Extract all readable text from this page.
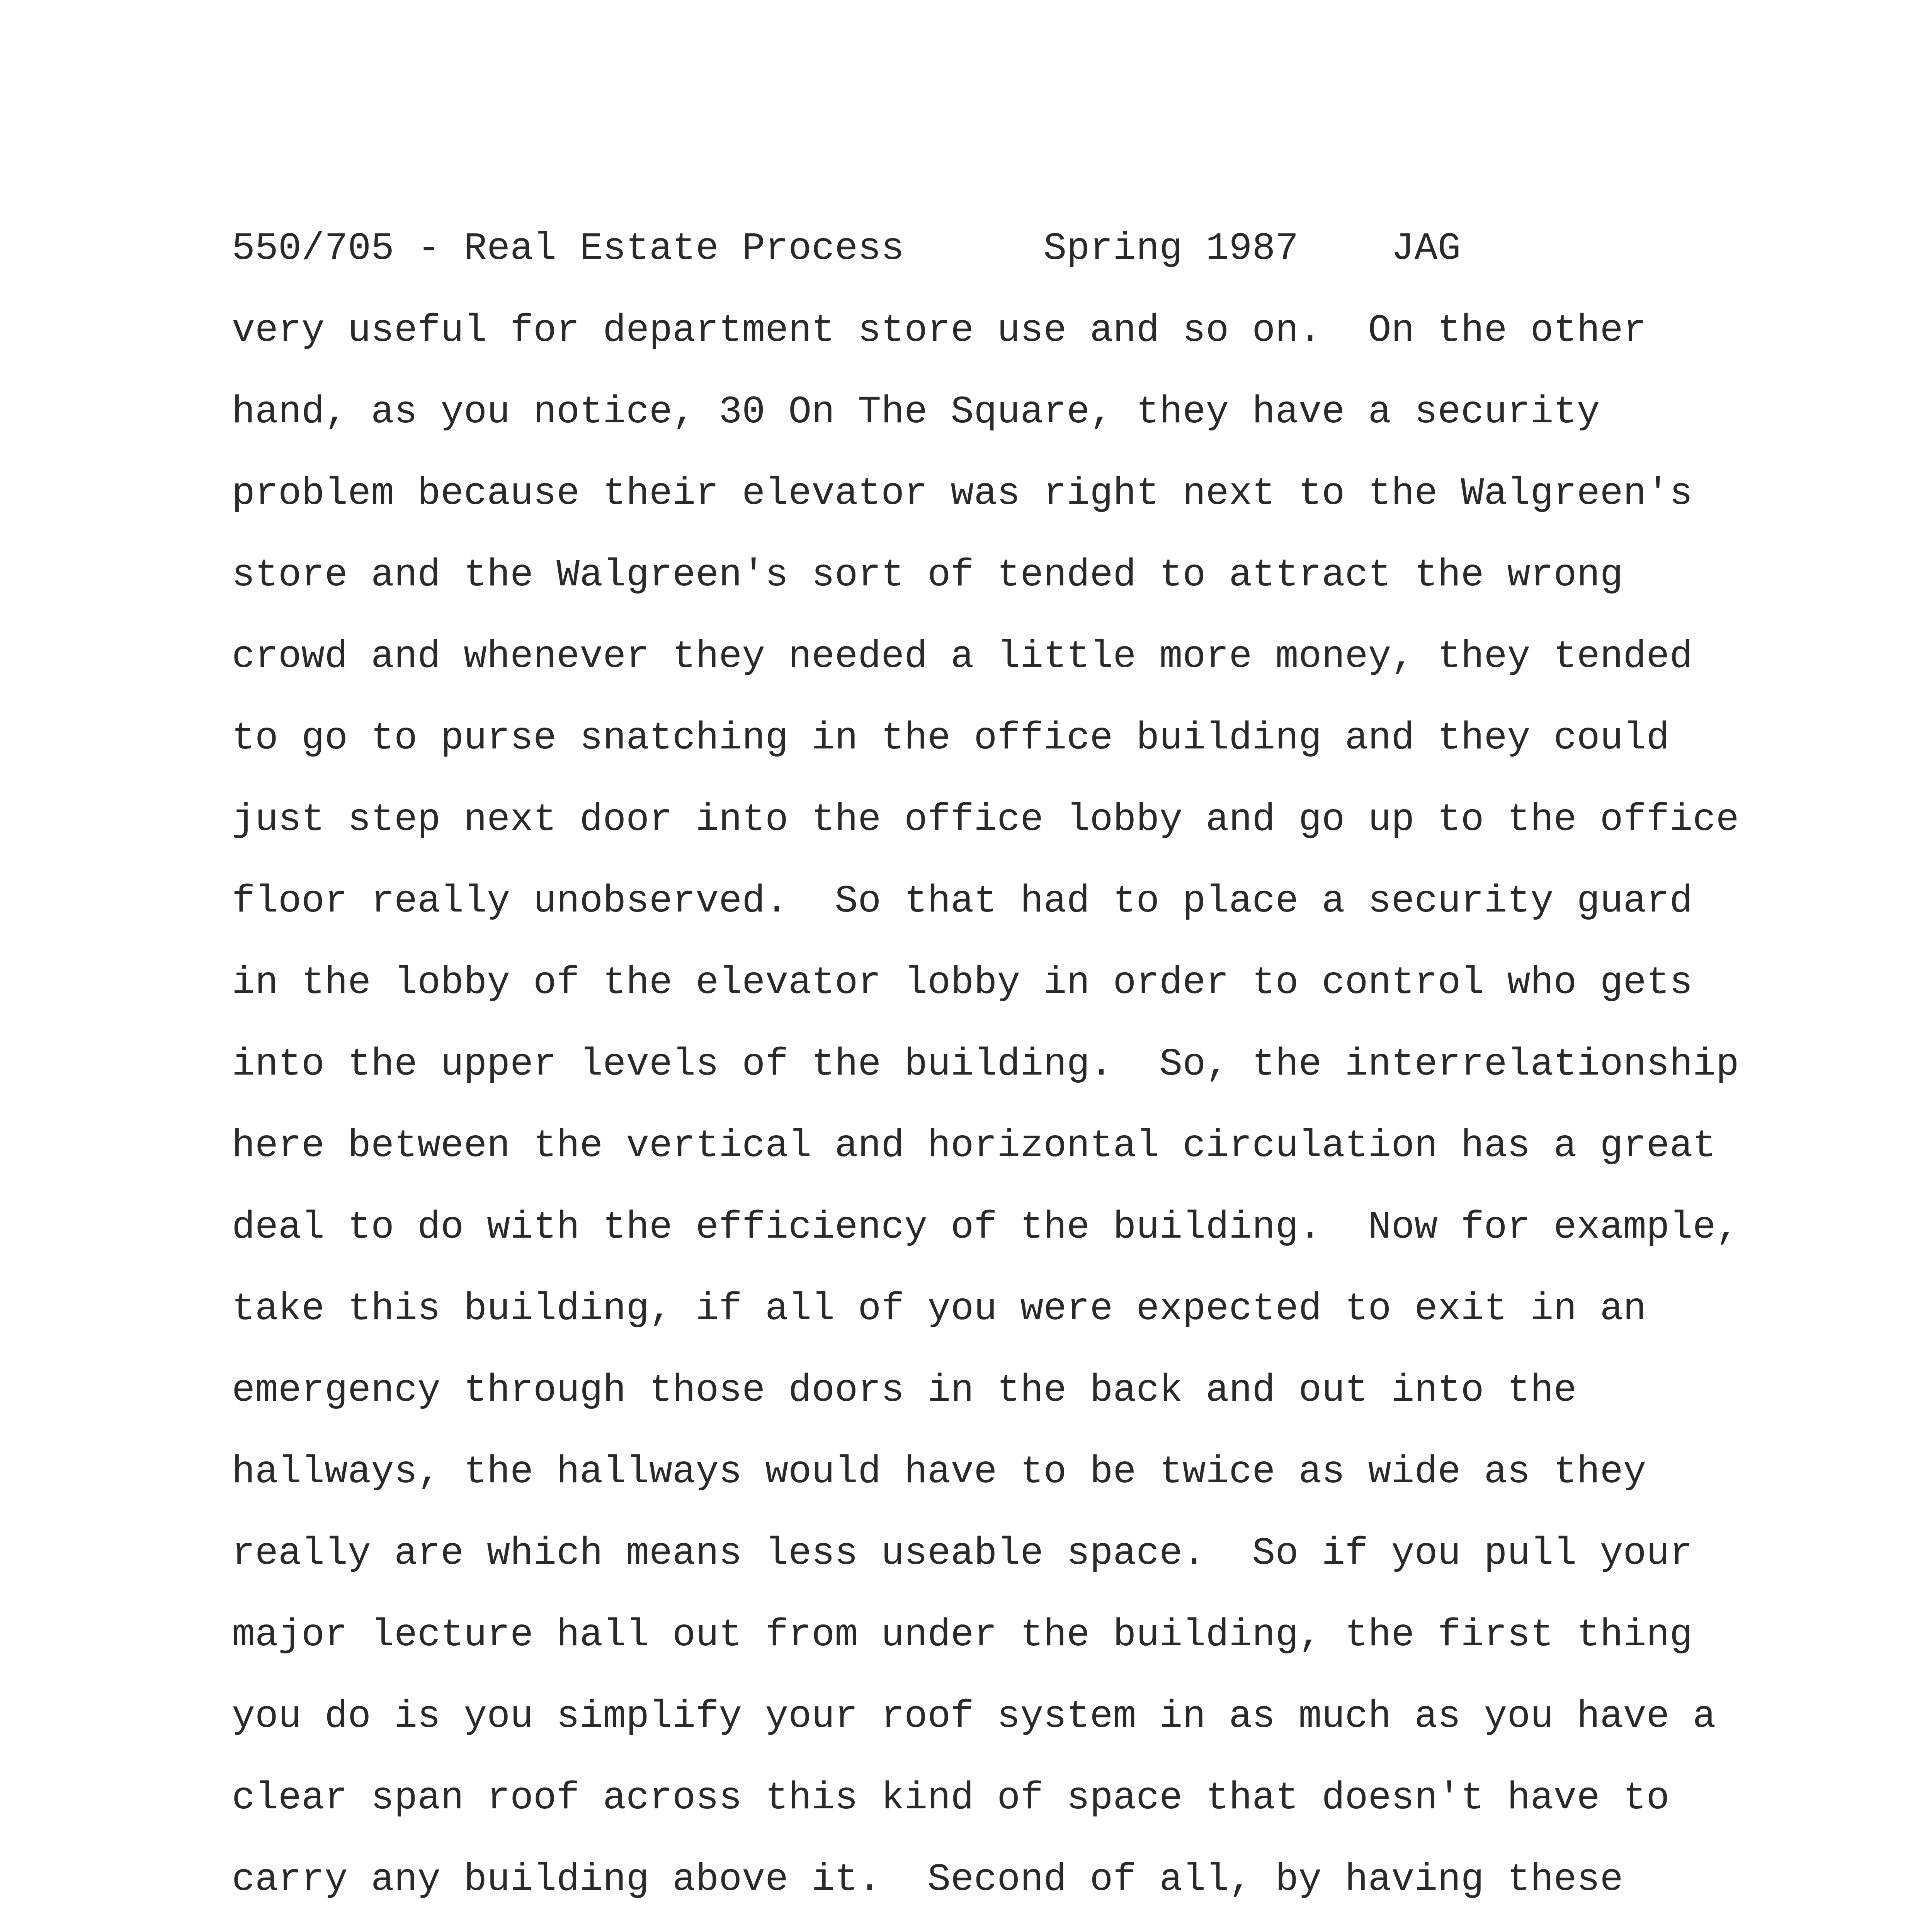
550/705 - Real Estate Process	Spring 1987 JAG

very useful for department store use and so on.  On the other
hand, as you notice, 30 On The Square, they have a security
problem because their elevator was right next to the Walgreen's
store and the Walgreen's sort of tended to attract the wrong
crowd and whenever they needed a little more money, they tended
to go to purse snatching in the office building and they could
just step next door into the office lobby and go up to the office
floor really unobserved.  So that had to place a security guard
in the lobby of the elevator lobby in order to control who gets
into the upper levels of the building.  So, the interrelationship
here between the vertical and horizontal circulation has a great
deal to do with the efficiency of the building.  Now for example,
take this building, if all of you were expected to exit in an
emergency through those doors in the back and out into the
hallways, the hallways would have to be twice as wide as they
really are which means less useable space.  So if you pull your
major lecture hall out from under the building, the first thing
you do is you simplify your roof system in as much as you have a
clear span roof across this kind of space that doesn't have to
carry any building above it.  Second of all, by having these
